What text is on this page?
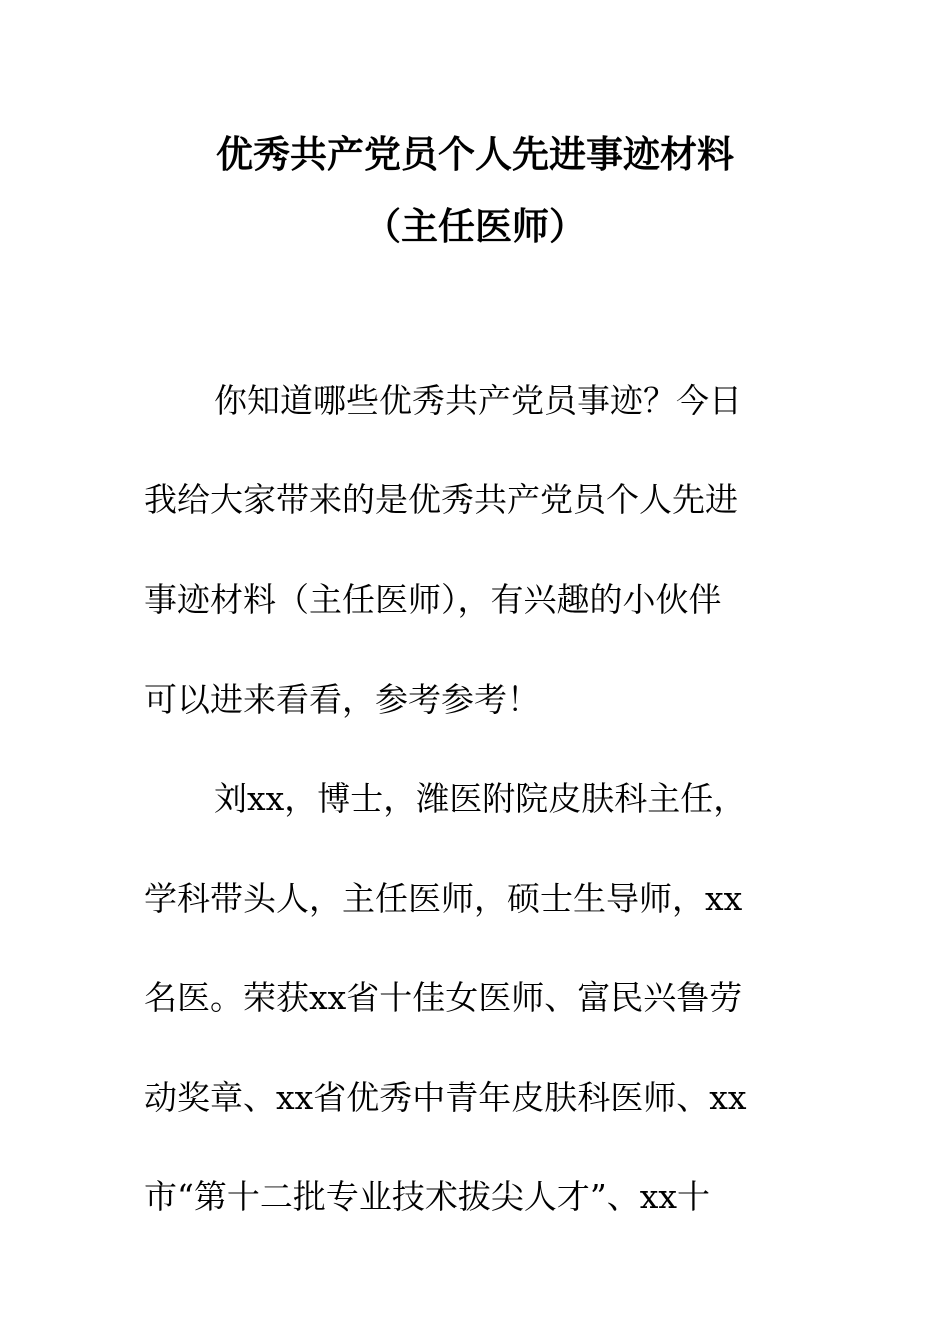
优秀共产党员个人先进事迹材料
（主任医师）

你知道哪些优秀共产党员事迹？今日

我给大家带来的是优秀共产党员个人先进

事迹材料（主任医师），有兴趣的小伙伴

可以进来看看，参考参考！

刘xx，博士，潍医附院皮肤科主任，

学科带头人，主任医师，硕士生导师，xx

名医。荣获xx省十佳女医师、富民兴鲁劳

动奖章、xx省优秀中青年皮肤科医师、xx

市“第十二批专业技术拔尖人才”、xx十
